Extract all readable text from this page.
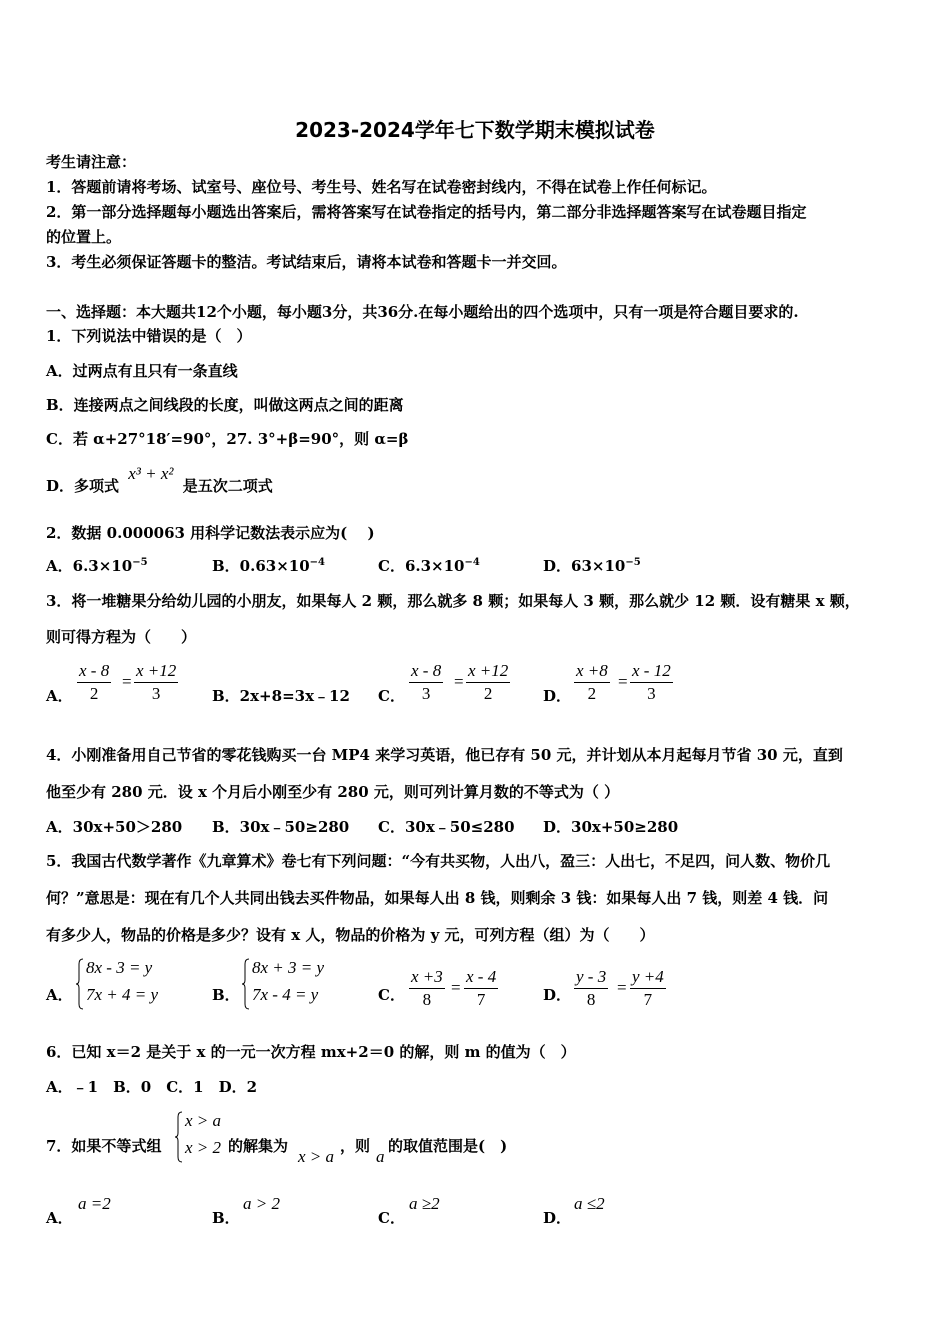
2023-2024学年七下数学期末模拟试卷
考生请注意：
1．答题前请将考场、试室号、座位号、考生号、姓名写在试卷密封线内，不得在试卷上作任何标记。
2．第一部分选择题每小题选出答案后，需将答案写在试卷指定的括号内，第二部分非选择题答案写在试卷题目指定
的位置上。
3．考生必须保证答题卡的整洁。考试结束后，请将本试卷和答题卡一并交回。
一、选择题：本大题共12个小题，每小题3分，共36分.在每小题给出的四个选项中，只有一项是符合题目要求的.
1．下列说法中错误的是（　）
A．过两点有且只有一条直线
B．连接两点之间线段的长度，叫做这两点之间的距离
C．若 α+27°18′=90°，27. 3°+β=90°，则 α=β
D．多项式 x³ + x² 是五次二项式
2．数据 0.000063 用科学记数法表示应为(　 )
A．$6.3\times 10^{-5}$	B．$0.63\times 10^{-4}$	C．$6.3\times 10^{-4}$	D．$63\times 10^{-5}$
3．将一堆糖果分给幼儿园的小朋友，如果每人 2 颗，那么就多 8 颗；如果每人 3 颗，那么就少 12 颗．设有糖果 x 颗，
则可得方程为（　　）
A． $\frac{x - 8}{2} = \frac{x +12}{3}$ B．2x+8=3x﹣12 C． $\frac{x - 8}{3} = \frac{x +12}{2}$ D． $\frac{x +8}{2} = \frac{x - 12}{3}$
4．小刚准备用自己节省的零花钱购买一台 MP4 来学习英语，他已存有 50 元，并计划从本月起每月节省 30 元，直到
他至少有 280 元．设 x 个月后小刚至少有 280 元，则可列计算月数的不等式为（ ）
A．30x+50＞280 B．30x﹣50≥280 C．30x﹣50≤280 D．30x+50≥280
5．我国古代数学著作《九章算术》卷七有下列问题：“今有共买物，人出八，盈三：人出七，不足四，问人数、物价几
何？”意思是：现在有几个人共同出钱去买件物品，如果每人出 8 钱，则剩余 3 钱：如果每人出 7 钱，则差 4 钱．问
有多少人，物品的价格是多少？设有 x 人，物品的价格为 y 元，可列方程（组）为（　　）
A．
8x - 3 = y
7x + 4 = y	B．
8x + 3 = y
7x - 4 = y	C． $\frac{x +3}{8} = \frac{x - 4}{7}$	D． $\frac{y - 3}{8} = \frac{y +4}{7}$
6．已知 x＝2 是关于 x 的一元一次方程 mx+2＝0 的解，则 m 的值为（　）
A．﹣1　B．0　C．1　D．2
7．如果不等式组
x > a
x > 2 的解集为
x > a
，则
a
的取值范围是(　)
A．
a =2
B．
a > 2
C．
a ≥2
D．
a ≤2
